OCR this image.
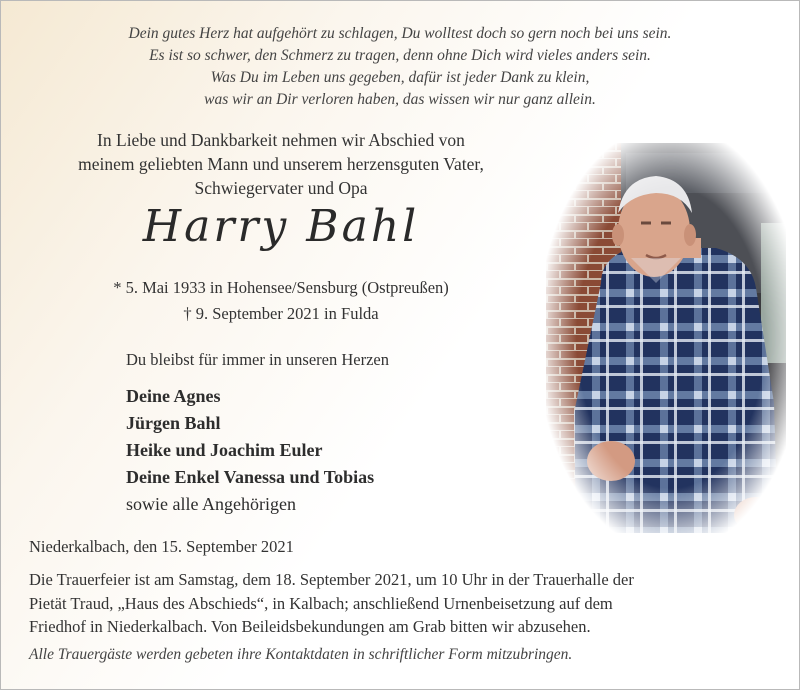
Dein gutes Herz hat aufgehört zu schlagen, Du wolltest doch so gern noch bei uns sein.
Es ist so schwer, den Schmerz zu tragen, denn ohne Dich wird vieles anders sein.
Was Du im Leben uns gegeben, dafür ist jeder Dank zu klein,
was wir an Dir verloren haben, das wissen wir nur ganz allein.
In Liebe und Dankbarkeit nehmen wir Abschied von
meinem geliebten Mann und unserem herzensguten Vater,
Schwiegervater und Opa
Harry Bahl
* 5. Mai 1933 in Hohensee/Sensburg (Ostpreußen)
† 9. September 2021 in Fulda
Du bleibst für immer in unseren Herzen
Deine Agnes
Jürgen Bahl
Heike und Joachim Euler
Deine Enkel Vanessa und Tobias
sowie alle Angehörigen
Niederkalbach, den 15. September 2021
Die Trauerfeier ist am Samstag, dem 18. September 2021, um 10 Uhr in der Trauerhalle der
Pietät Traud, „Haus des Abschieds“, in Kalbach; anschließend Urnenbeisetzung auf dem
Friedhof in Niederkalbach. Von Beileidsbekundungen am Grab bitten wir abzusehen.
Alle Trauergäste werden gebeten ihre Kontaktdaten in schriftlicher Form mitzubringen.
